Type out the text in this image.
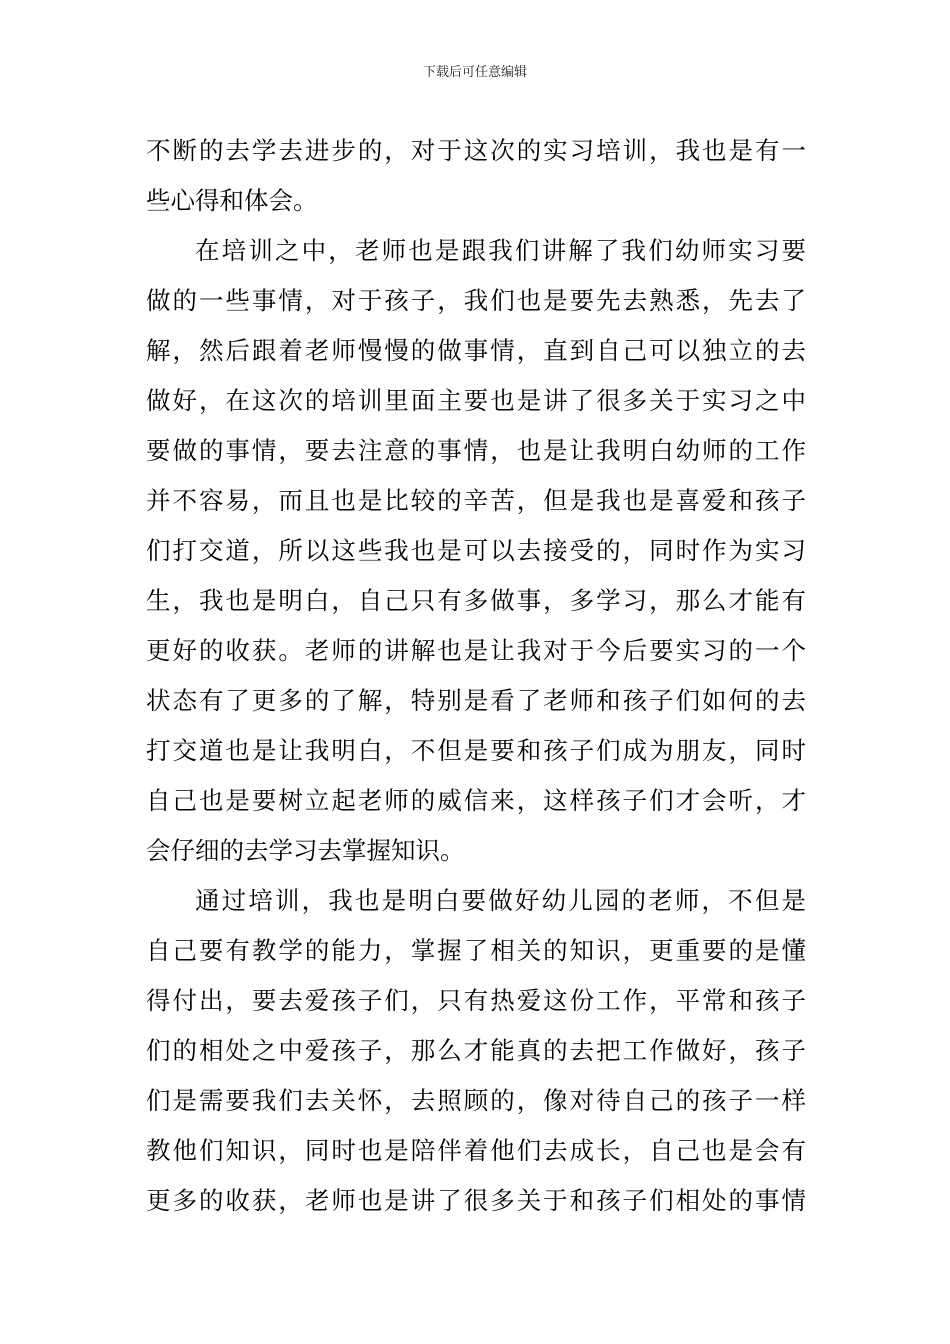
下载后可任意编辑
不断的去学去进步的，对于这次的实习培训，我也是有一
些心得和体会。
在培训之中，老师也是跟我们讲解了我们幼师实习要
做的一些事情，对于孩子，我们也是要先去熟悉，先去了
解，然后跟着老师慢慢的做事情，直到自己可以独立的去
做好，在这次的培训里面主要也是讲了很多关于实习之中
要做的事情，要去注意的事情，也是让我明白幼师的工作
并不容易，而且也是比较的辛苦，但是我也是喜爱和孩子
们打交道，所以这些我也是可以去接受的，同时作为实习
生，我也是明白，自己只有多做事，多学习，那么才能有
更好的收获。老师的讲解也是让我对于今后要实习的一个
状态有了更多的了解，特别是看了老师和孩子们如何的去
打交道也是让我明白，不但是要和孩子们成为朋友，同时
自己也是要树立起老师的威信来，这样孩子们才会听，才
会仔细的去学习去掌握知识。
通过培训，我也是明白要做好幼儿园的老师，不但是
自己要有教学的能力，掌握了相关的知识，更重要的是懂
得付出，要去爱孩子们，只有热爱这份工作，平常和孩子
们的相处之中爱孩子，那么才能真的去把工作做好，孩子
们是需要我们去关怀，去照顾的，像对待自己的孩子一样
教他们知识，同时也是陪伴着他们去成长，自己也是会有
更多的收获，老师也是讲了很多关于和孩子们相处的事情
